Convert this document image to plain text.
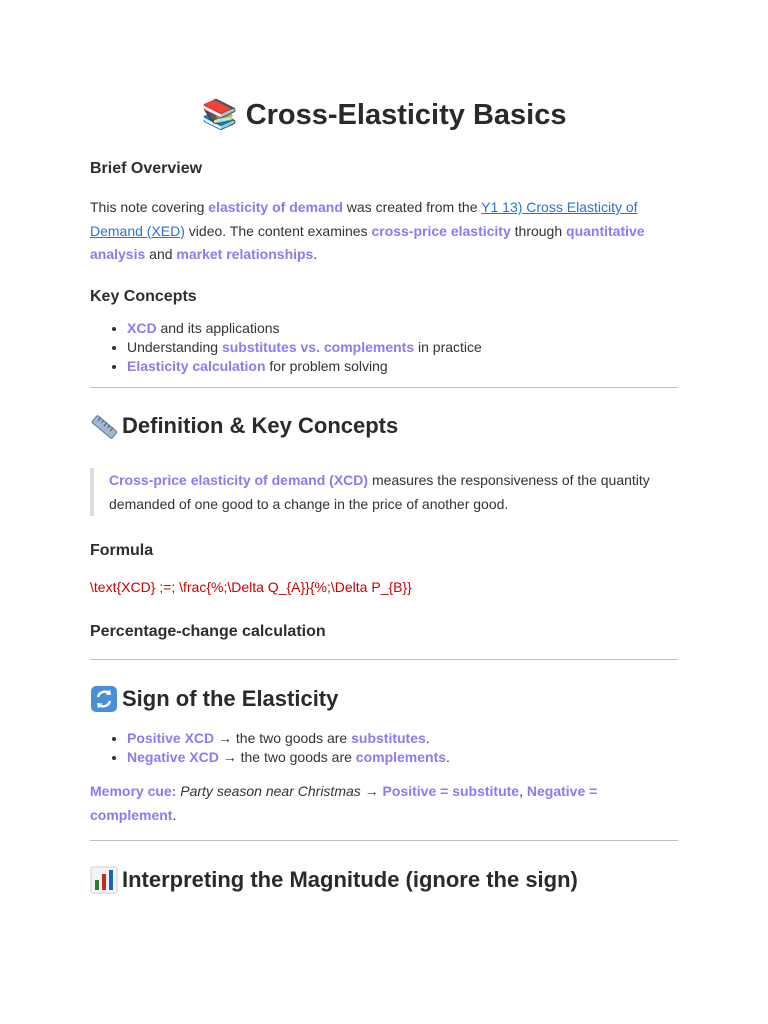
📚 Cross-Elasticity Basics
Brief Overview

This note covering elasticity of demand was created from the Y1 13) Cross Elasticity of Demand (XED) video. The content examines cross-price elasticity through quantitative analysis and market relationships.

Key Concepts
• XCD and its applications
• Understanding substitutes vs. complements in practice
• Elasticity calculation for problem solving
Definition & Key Concepts
Cross-price elasticity of demand (XCD) measures the responsiveness of the quantity demanded of one good to a change in the price of another good.
Formula
\text{XCD} ;=; \frac{%;\Delta Q_{A}}{%;\Delta P_{B}}
Percentage-change calculation
Sign of the Elasticity
• Positive XCD → the two goods are substitutes.
• Negative XCD → the two goods are complements.

Memory cue: Party season near Christmas → Positive = substitute, Negative = complement.

Interpreting the Magnitude (ignore the sign)
